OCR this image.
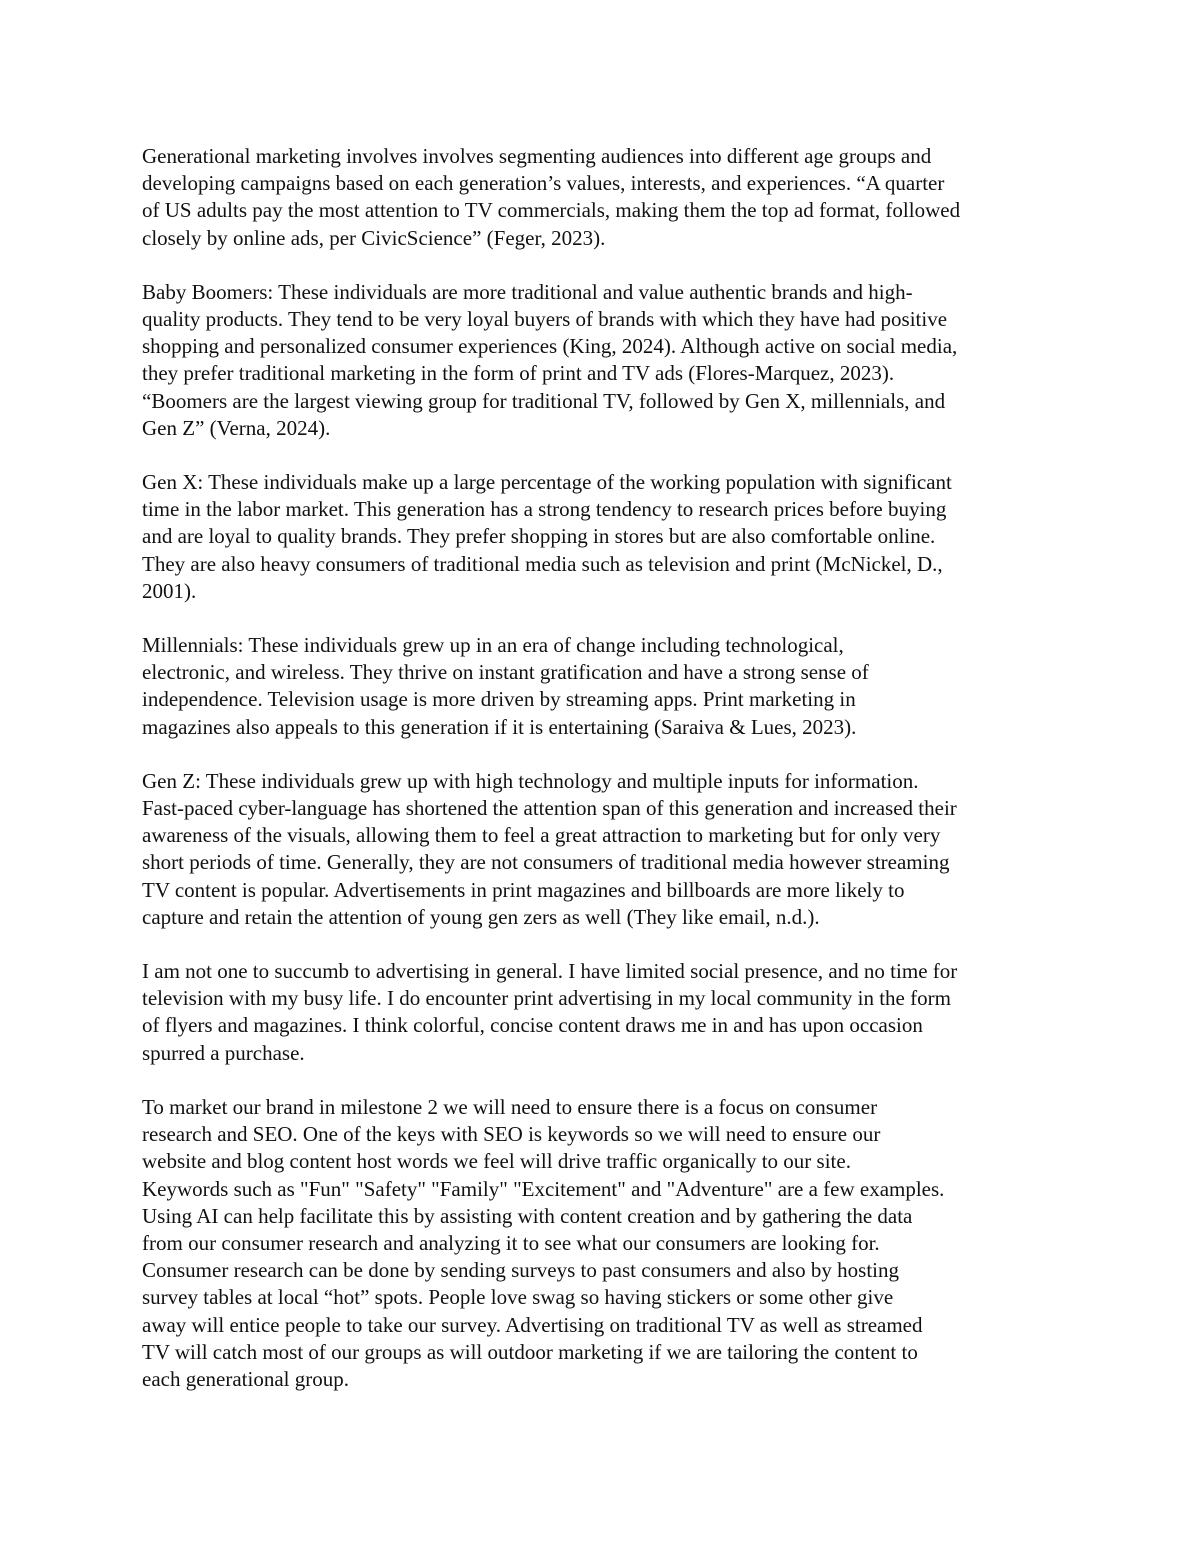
Generational marketing involves involves segmenting audiences into different age groups and
developing campaigns based on each generation’s values, interests, and experiences. “A quarter
of US adults pay the most attention to TV commercials, making them the top ad format, followed
closely by online ads, per CivicScience” (Feger, 2023).

Baby Boomers: These individuals are more traditional and value authentic brands and high-
quality products. They tend to be very loyal buyers of brands with which they have had positive
shopping and personalized consumer experiences (King, 2024). Although active on social media,
they prefer traditional marketing in the form of print and TV ads (Flores-Marquez, 2023).
“Boomers are the largest viewing group for traditional TV, followed by Gen X, millennials, and
Gen Z” (Verna, 2024).

Gen X: These individuals make up a large percentage of the working population with significant
time in the labor market. This generation has a strong tendency to research prices before buying
and are loyal to quality brands. They prefer shopping in stores but are also comfortable online.
They are also heavy consumers of traditional media such as television and print (McNickel, D.,
2001).

Millennials: These individuals grew up in an era of change including technological,
electronic, and wireless. They thrive on instant gratification and have a strong sense of
independence. Television usage is more driven by streaming apps. Print marketing in
magazines also appeals to this generation if it is entertaining (Saraiva & Lues, 2023).

Gen Z: These individuals grew up with high technology and multiple inputs for information.
Fast-paced cyber-language has shortened the attention span of this generation and increased their
awareness of the visuals, allowing them to feel a great attraction to marketing but for only very
short periods of time. Generally, they are not consumers of traditional media however streaming
TV content is popular. Advertisements in print magazines and billboards are more likely to
capture and retain the attention of young gen zers as well (They like email, n.d.).

I am not one to succumb to advertising in general. I have limited social presence, and no time for
television with my busy life. I do encounter print advertising in my local community in the form
of flyers and magazines. I think colorful, concise content draws me in and has upon occasion
spurred a purchase.

To market our brand in milestone 2 we will need to ensure there is a focus on consumer
research and SEO. One of the keys with SEO is keywords so we will need to ensure our
website and blog content host words we feel will drive traffic organically to our site.
Keywords such as "Fun" "Safety" "Family" "Excitement" and "Adventure" are a few examples.
Using AI can help facilitate this by assisting with content creation and by gathering the data
from our consumer research and analyzing it to see what our consumers are looking for.
Consumer research can be done by sending surveys to past consumers and also by hosting
survey tables at local “hot” spots. People love swag so having stickers or some other give
away will entice people to take our survey. Advertising on traditional TV as well as streamed
TV will catch most of our groups as will outdoor marketing if we are tailoring the content to
each generational group.
